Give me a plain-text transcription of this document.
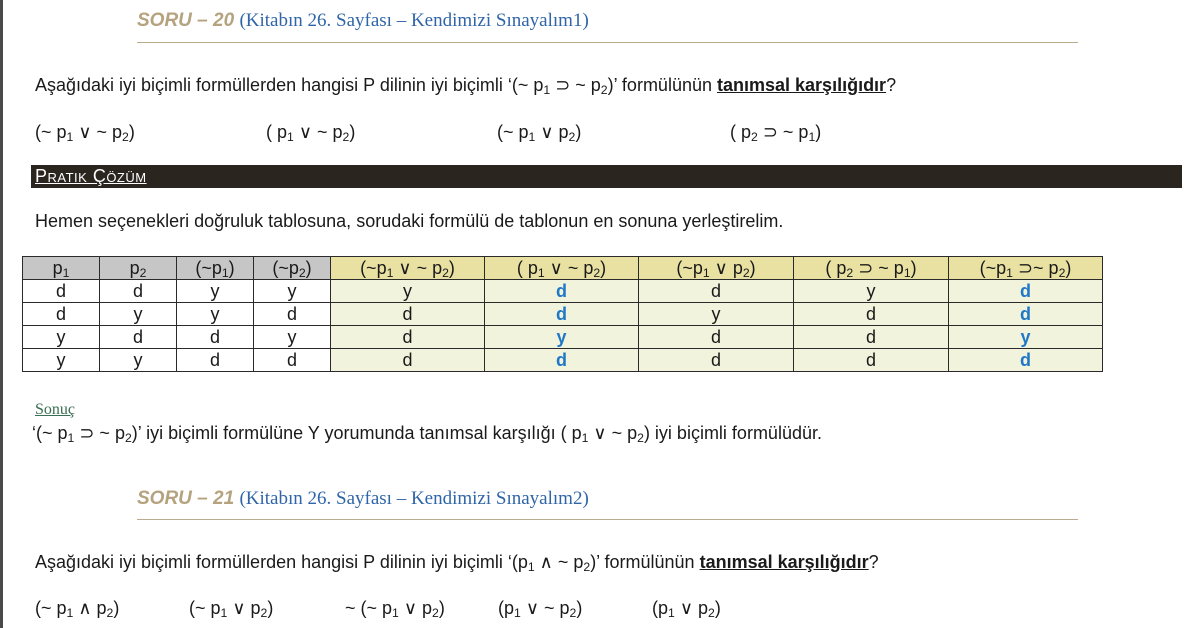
SORU – 20 (Kitabın 26. Sayfası – Kendimizi Sınayalım1)
Aşağıdaki iyi biçimli formüllerden hangisi P dilinin iyi biçimli ‘(~ $p_1$ ⊃ ~ $p_2$)’ formülünün tanımsal karşılığıdır?
(~ $p_1$ ∨ ~ $p_2$)	( $p_1$ ∨ ~ $p_2$)	(~ $p_1$ ∨ $p_2$)	( $p_2$ ⊃ ~ $p_1$)
Pratik Çözüm
Hemen seçenekleri doğruluk tablosuna, sorudaki formülü de tablonun en sonuna yerleştirelim.
$p_1$	$p_2$	$(\sim p_1)$	$(\sim p_2)$	($\sim p_1$ ∨ ~ $p_2$)	( $p_1$ ∨ ~ $p_2$)	($\sim p_1$ ∨ $p_2$)	( $p_2$ ⊃ ~ $p_1$)	($\sim p_1$ ⊃~ $p_2$)
d	d	y	y	y	d	d	y	d
d	y	y	d	d	d	y	d	d
y	d	d	y	d	y	d	d	y
y	y	d	d	d	d	d	d	d
Sonuç
‘(~ $p_1$ ⊃ ~ $p_2$)’ iyi biçimli formülüne Y yorumunda tanımsal karşılığı ( $p_1$ ∨ ~ $p_2$) iyi biçimli formülüdür.
SORU – 21 (Kitabın 26. Sayfası – Kendimizi Sınayalım2)
Aşağıdaki iyi biçimli formüllerden hangisi P dilinin iyi biçimli ‘($p_1$ ∧ ~ $p_2$)’ formülünün tanımsal karşılığıdır?
(~ $p_1$ ∧ $p_2$)	(~ $p_1$ ∨ $p_2$)	~ (~ $p_1$ ∨ $p_2$)	($p_1$ ∨ ~ $p_2$)	($p_1$ ∨ $p_2$)
